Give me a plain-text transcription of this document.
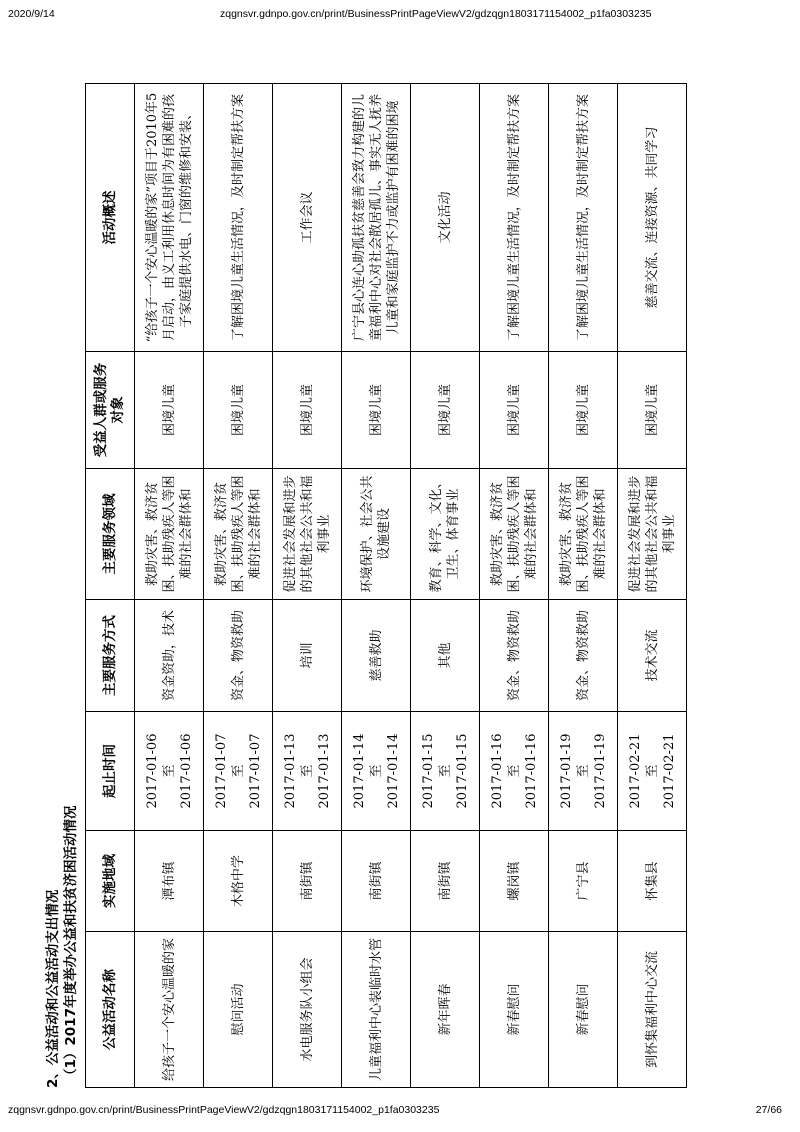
2020/9/14	zqgnsvr.gdnpo.gov.cn/print/BusinessPrintPageViewV2/gdzqgn1803171154002_p1fa0303235
2、公益活动和公益活动支出情况 （1）2017年度举办公益和扶贫济困活动情况 公益活动名称	实施地域	起止时间	主要服务方式	主要服务领域	受益人群或服务对象	活动概述
给孩子一个安心温暖的家	潭布镇	2017-01-06 至 2017-01-06	资金资助，技术	救助灾害、救济贫困、扶助残疾人等困难的社会群体和	困境儿童	“给孩子一个安心温暖的家”项目于2010年5月启动，由义工利用休息时间为有困难的孩子家庭提供水电、门窗的维修和安装、

慰问活动	木格中学	2017-01-07 至 2017-01-07	资金、物资救助	救助灾害、救济贫困、扶助残疾人等困难的社会群体和	困境儿童	了解困境儿童生活情况，及时制定帮扶方案

水电服务队小组会	南街镇	2017-01-13 至 2017-01-13	培训	促进社会发展和进步的其他社会公共和福利事业	困境儿童	工作会议

儿童福利中心装临时水管	南街镇	2017-01-14 至 2017-01-14	慈善救助	环境保护、社会公共设施建设	困境儿童	广宁县心连心助孤扶贫慈善会致力构建的儿童福利中心对社会散居孤儿、事实无人抚养儿童和家庭监护不力或监护有困难的困境

新年晖春	南街镇	2017-01-15 至 2017-01-15	其他	教育、科学、文化、卫生、体育事业	困境儿童	文化活动

新春慰问	螺岗镇	2017-01-16 至 2017-01-16	资金、物资救助	救助灾害、救济贫困、扶助残疾人等困难的社会群体和	困境儿童	了解困境儿童生活情况，及时制定帮扶方案

新春慰问	广宁县	2017-01-19 至 2017-01-19	资金、物资救助	救助灾害、救济贫困、扶助残疾人等困难的社会群体和	困境儿童	了解困境儿童生活情况，及时制定帮扶方案

到怀集福利中心交流	怀集县	2017-02-21 至 2017-02-21	技术交流	促进社会发展和进步的其他社会公共和福利事业	困境儿童	慈善交流、连接资源、共同学习
zqgnsvr.gdnpo.gov.cn/print/BusinessPrintPageViewV2/gdzqgn1803171154002_p1fa0303235	27/66
